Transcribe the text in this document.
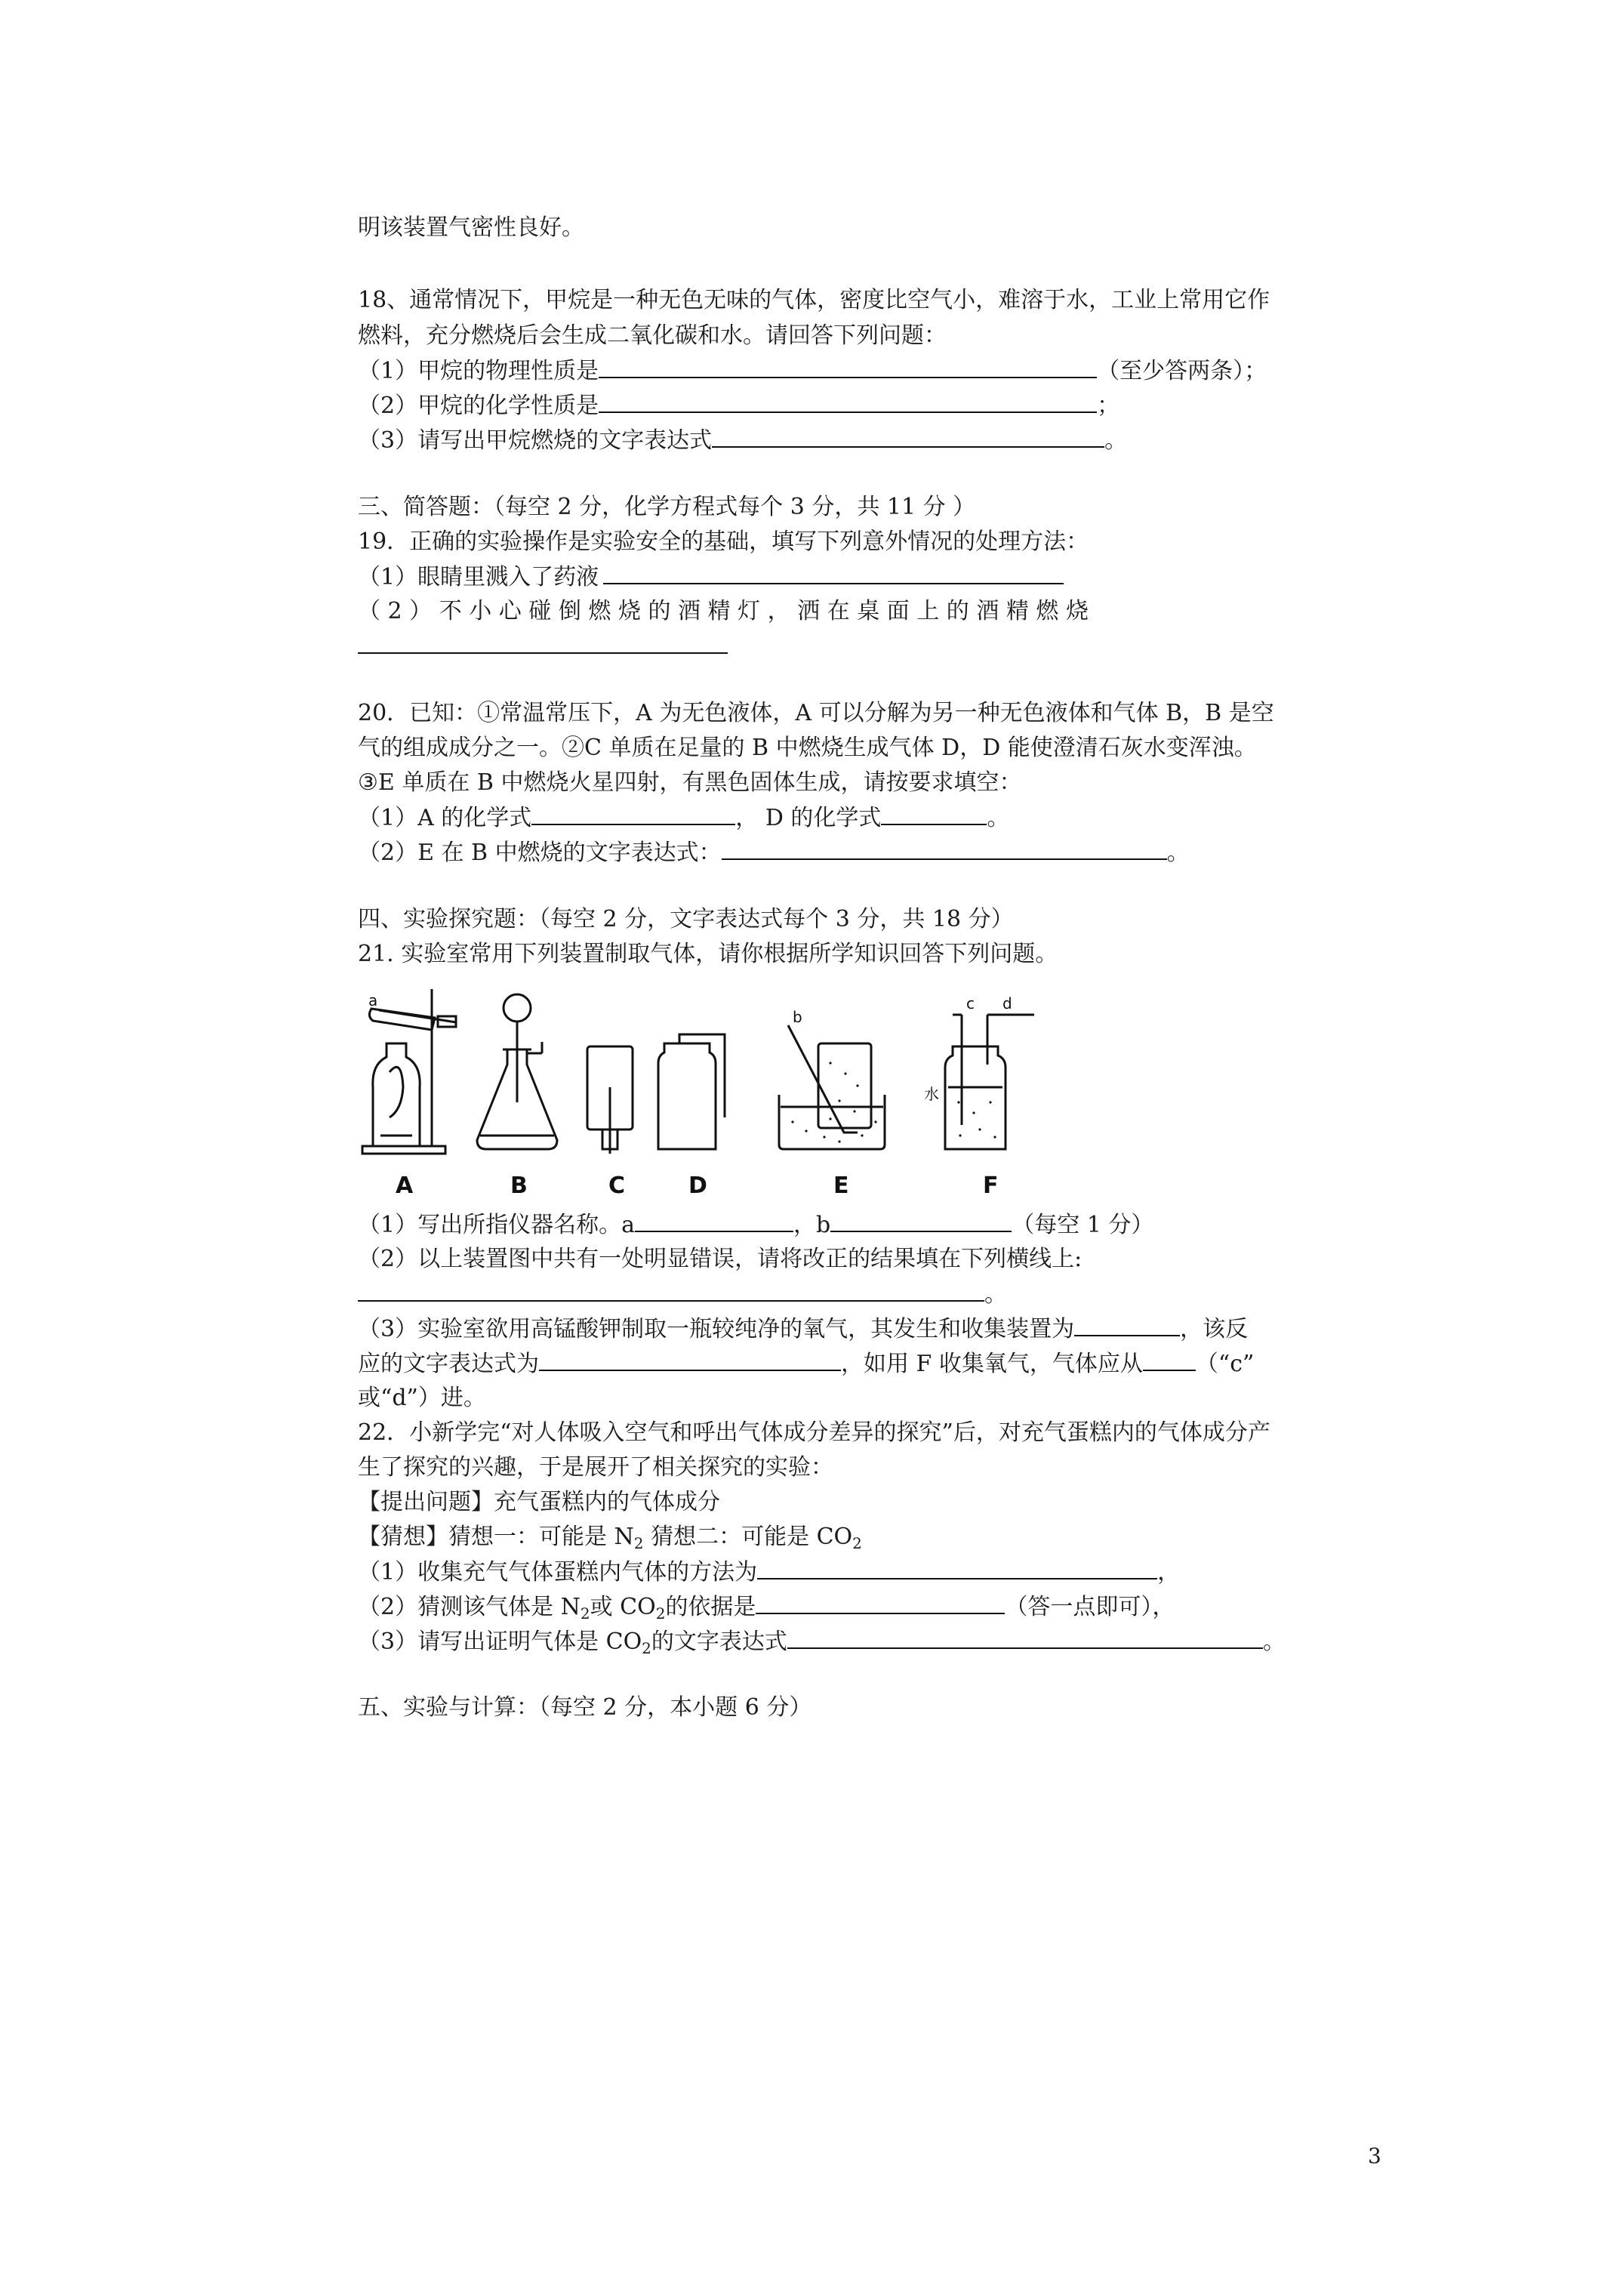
明该装置气密性良好。
18、通常情况下，甲烷是一种无色无味的气体，密度比空气小，难溶于水，工业上常用它作
燃料，充分燃烧后会生成二氧化碳和水。请回答下列问题：
（1）甲烷的物理性质是	（至少答两条）；
（2）甲烷的化学性质是	；
（3）请写出甲烷燃烧的文字表达式	。
三、简答题：（每空 2 分，化学方程式每个 3 分，共 11 分 ）
19．正确的实验操作是实验安全的基础，填写下列意外情况的处理方法：
（1）眼睛里溅入了药液
（ 2 ） 不 小 心 碰 倒 燃 烧 的 酒 精 灯 ， 洒 在 桌 面 上 的 酒 精 燃 烧
20．已知：①常温常压下，A 为无色液体，A 可以分解为另一种无色液体和气体 B，B 是空
气的组成成分之一。②C 单质在足量的 B 中燃烧生成气体 D，D 能使澄清石灰水变浑浊。
③E 单质在 B 中燃烧火星四射，有黑色固体生成，请按要求填空：
（1）A 的化学式	， D 的化学式	。
（2）E 在 B 中燃烧的文字表达式：	。
四、实验探究题：（每空 2 分，文字表达式每个 3 分，共 18 分）
21. 实验室常用下列装置制取气体，请你根据所学知识回答下列问题。
a
b
c d
水
A	B	C	D	E	F
（1）写出所指仪器名称。a	，b	（每空 1 分）
（2）以上装置图中共有一处明显错误，请将改正的结果填在下列横线上:
。
（3）实验室欲用高锰酸钾制取一瓶较纯净的氧气，其发生和收集装置为	，该反
应的文字表达式为	，如用 F 收集氧气，气体应从 （“c”
或“d”）进。
22．小新学完“对人体吸入空气和呼出气体成分差异的探究”后，对充气蛋糕内的气体成分产
生了探究的兴趣，于是展开了相关探究的实验：
【提出问题】充气蛋糕内的气体成分
【猜想】猜想一：可能是 $N_2$ 猜想二：可能是 $CO_2$
（1）收集充气气体蛋糕内气体的方法为	，
（2）猜测该气体是 $N_2$或 $CO_2$的依据是	（答一点即可），
（3）请写出证明气体是 $CO_2$的文字表达式	。
五、实验与计算：（每空 2 分，本小题 6 分）
3
